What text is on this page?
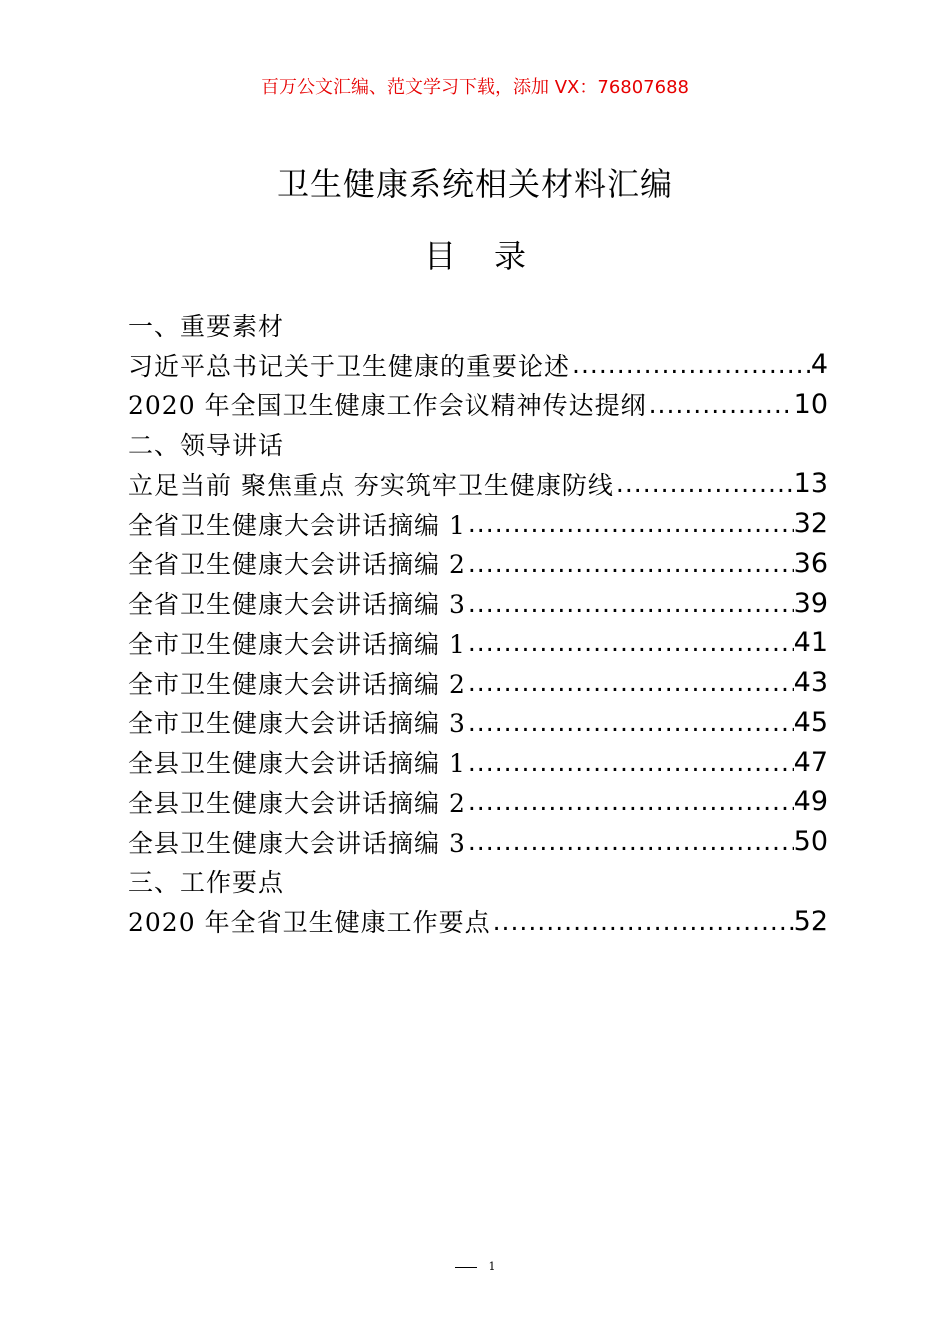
百万公文汇编、范文学习下载，添加 VX：76807688
卫生健康系统相关材料汇编
目 录
一、重要素材
习近平总书记关于卫生健康的重要论述 .....	4
2020 年全国卫生健康工作会议精神传达提纲 .....	10
二、领导讲话
立足当前 聚焦重点 夯实筑牢卫生健康防线 .....	13
全省卫生健康大会讲话摘编 1 .....	32
全省卫生健康大会讲话摘编 2 .....	36
全省卫生健康大会讲话摘编 3 .....	39
全市卫生健康大会讲话摘编 1 .....	41
全市卫生健康大会讲话摘编 2 .....	43
全市卫生健康大会讲话摘编 3 .....	45
全县卫生健康大会讲话摘编 1 .....	47
全县卫生健康大会讲话摘编 2 .....	49
全县卫生健康大会讲话摘编 3 .....	50
三、工作要点
2020 年全省卫生健康工作要点 .....	52
$^1$
